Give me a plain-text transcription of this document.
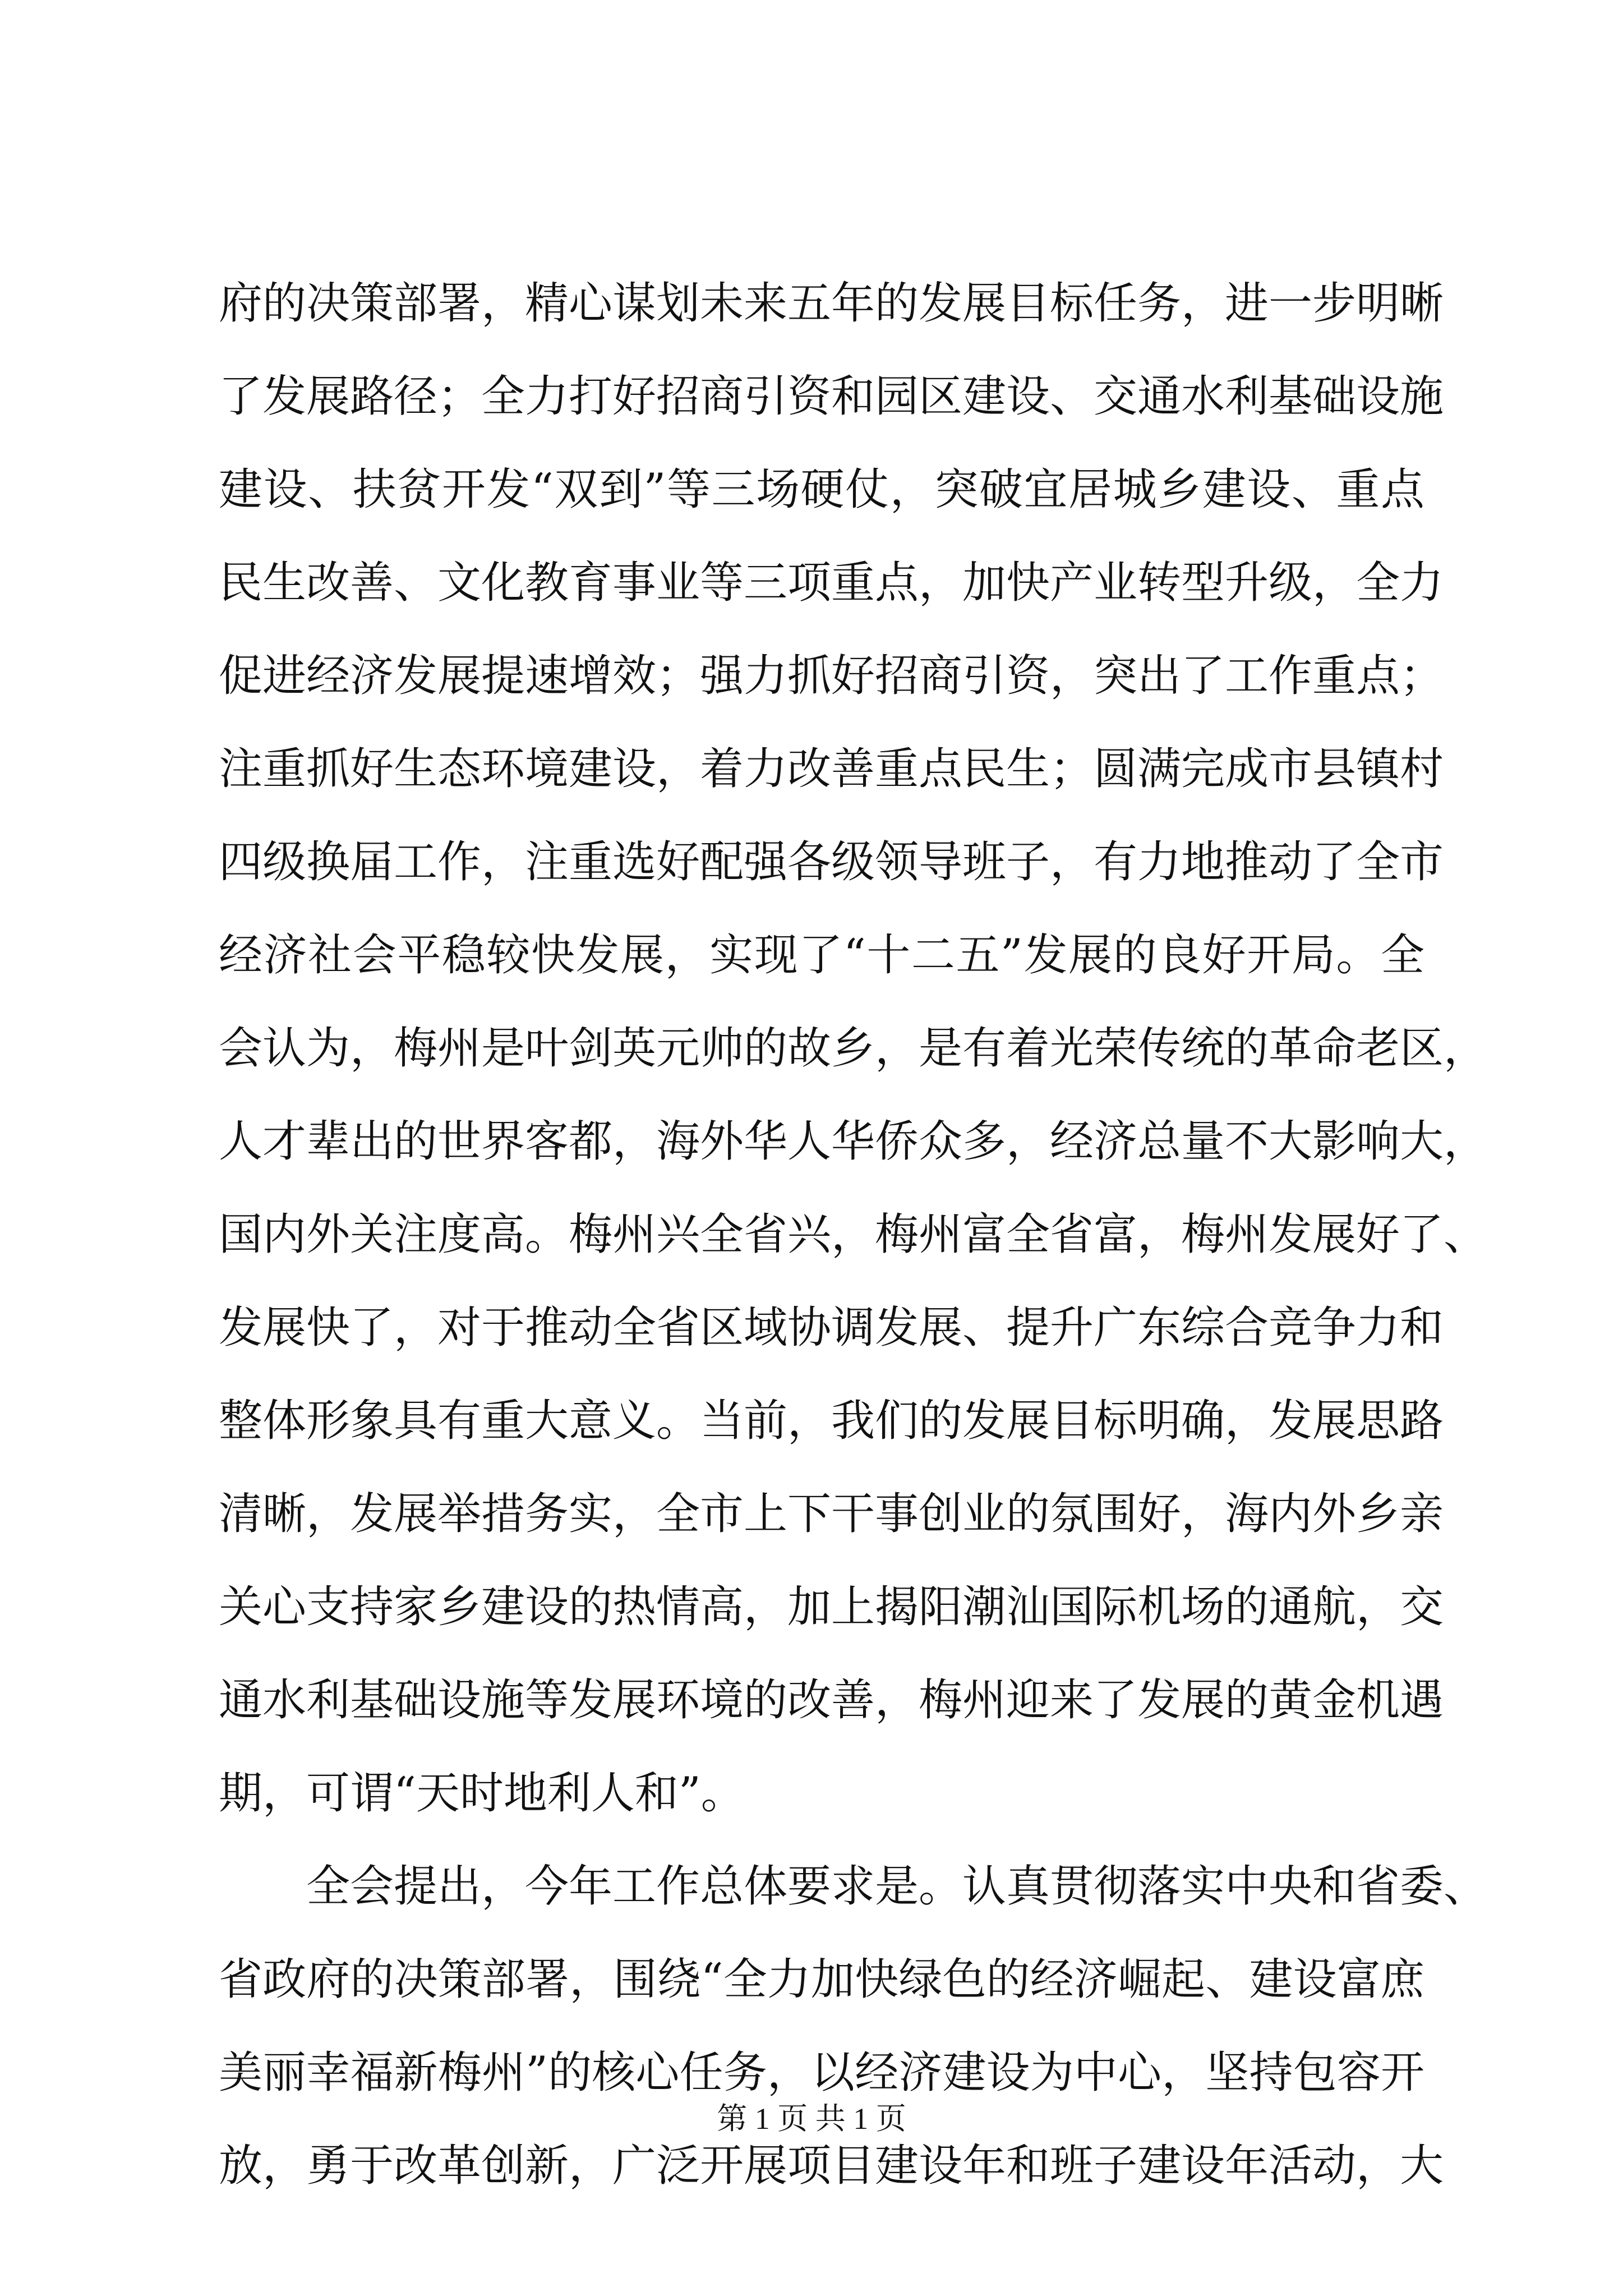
府的决策部署，精心谋划未来五年的发展目标任务，进一步明晰
了发展路径；全力打好招商引资和园区建设、交通水利基础设施
建设、扶贫开发“双到”等三场硬仗，突破宜居城乡建设、重点
民生改善、文化教育事业等三项重点，加快产业转型升级，全力
促进经济发展提速增效；强力抓好招商引资，突出了工作重点；
注重抓好生态环境建设，着力改善重点民生；圆满完成市县镇村
四级换届工作，注重选好配强各级领导班子，有力地推动了全市
经济社会平稳较快发展，实现了“十二五”发展的良好开局。全
会认为，梅州是叶剑英元帅的故乡，是有着光荣传统的革命老区，
人才辈出的世界客都，海外华人华侨众多，经济总量不大影响大，
国内外关注度高。梅州兴全省兴，梅州富全省富，梅州发展好了、
发展快了，对于推动全省区域协调发展、提升广东综合竞争力和
整体形象具有重大意义。当前，我们的发展目标明确，发展思路
清晰，发展举措务实，全市上下干事创业的氛围好，海内外乡亲
关心支持家乡建设的热情高，加上揭阳潮汕国际机场的通航，交
通水利基础设施等发展环境的改善，梅州迎来了发展的黄金机遇
期，可谓“天时地利人和”。
全会提出，今年工作总体要求是。认真贯彻落实中央和省委、
省政府的决策部署，围绕“全力加快绿色的经济崛起、建设富庶
美丽幸福新梅州”的核心任务，以经济建设为中心，坚持包容开
放，勇于改革创新，广泛开展项目建设年和班子建设年活动，大
第 1 页 共 1 页
